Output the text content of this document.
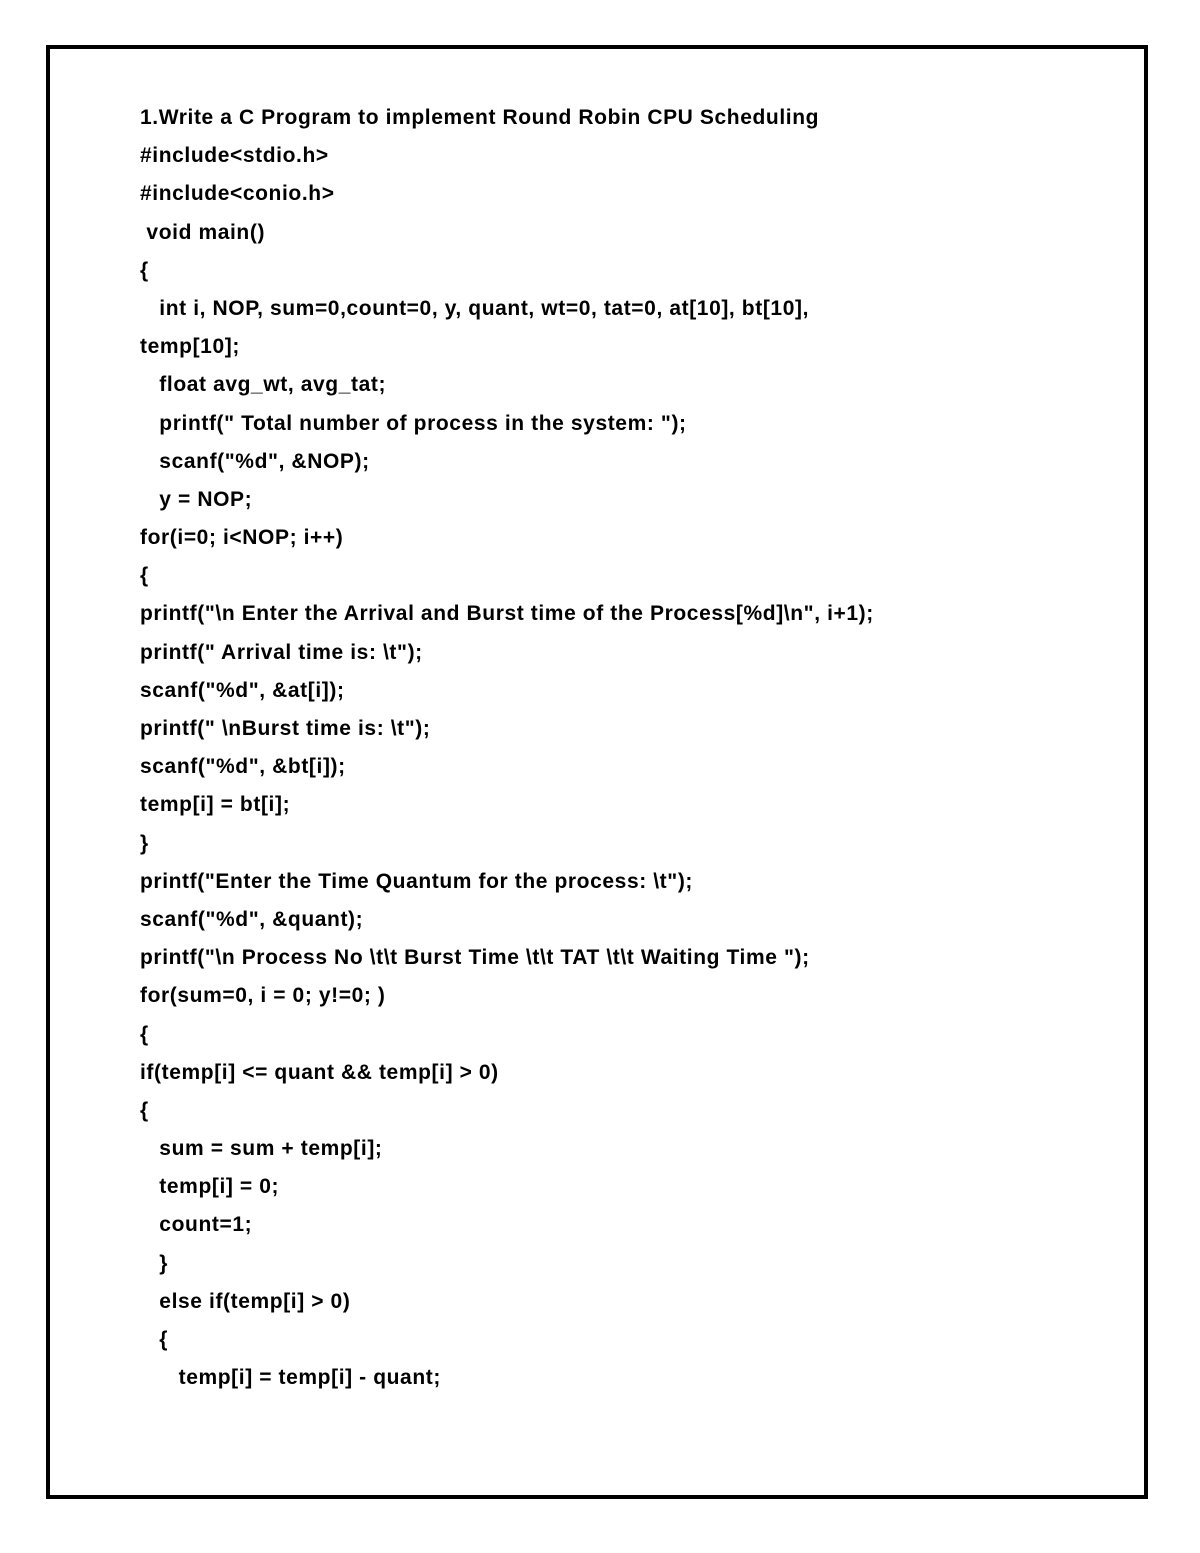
1.Write a C Program to implement Round Robin CPU Scheduling
#include<stdio.h>
#include<conio.h>
void main()
{
int i, NOP, sum=0,count=0, y, quant, wt=0, tat=0, at[10], bt[10],
temp[10];
float avg_wt, avg_tat;
printf(" Total number of process in the system: ");
scanf("%d", &NOP);
y = NOP;
for(i=0; i<NOP; i++)
{
printf("\n Enter the Arrival and Burst time of the Process[%d]\n", i+1);
printf(" Arrival time is: \t");
scanf("%d", &at[i]);
printf(" \nBurst time is: \t");
scanf("%d", &bt[i]);
temp[i] = bt[i];
}
printf("Enter the Time Quantum for the process: \t");
scanf("%d", &quant);
printf("\n Process No \t\t Burst Time \t\t TAT \t\t Waiting Time ");
for(sum=0, i = 0; y!=0; )
{
if(temp[i] <= quant && temp[i] > 0)
{
sum = sum + temp[i];
temp[i] = 0;
count=1;
}
else if(temp[i] > 0)
{
temp[i] = temp[i] - quant;
